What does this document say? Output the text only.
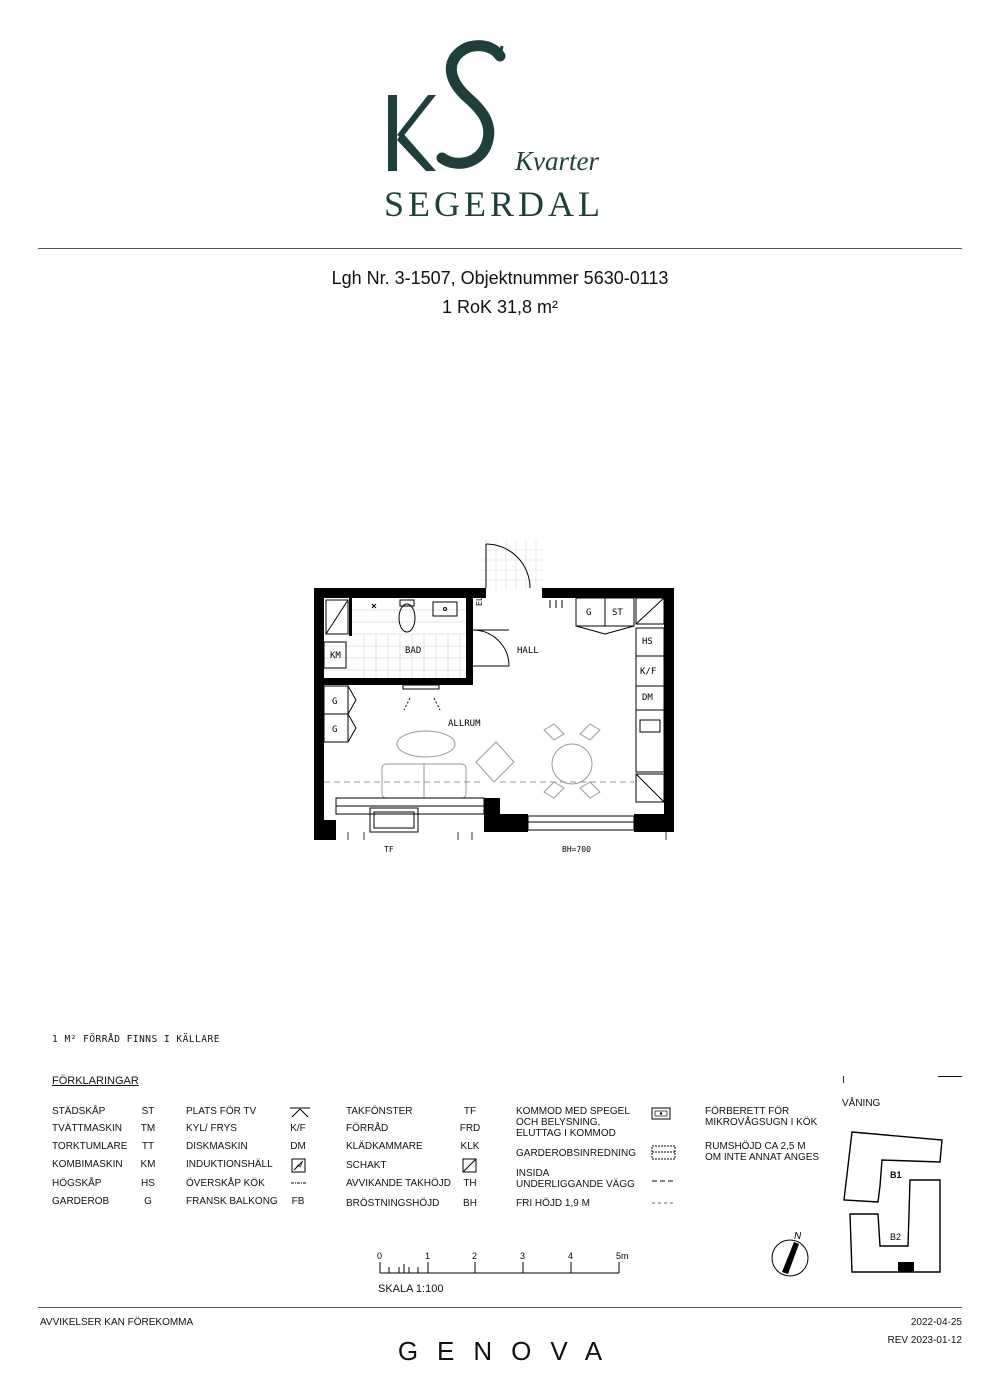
Kvarter
SEGERDAL
Lgh Nr. 3-1507, Objektnummer 5630-0113
1 RoK 31,8 m²
BAD	HALL
ALLRUM
KM
ELC
G ST
HS
K/F
DM
G
G
TF	BH=700
1 M² FÖRRÅD FINNS I KÄLLARE
FÖRKLARINGAR
STÄDSKÅP	ST
TVÄTTMASKIN	TM
TORKTUMLARE	TT
KOMBIMASKIN	KM
HÖGSKÅP	HS
GARDEROB	G
PLATS FÖR TV
KYL/ FRYS	K/F
DISKMASKIN	DM
INDUKTIONSHÄLL
ÖVERSKÅP KÖK
FRANSK BALKONG	FB
TAKFÖNSTER	TF
FÖRRÅD	FRD
KLÄDKAMMARE	KLK
SCHAKT
AVVIKANDE TAKHÖJD	TH
BRÖSTNINGSHÖJD	BH
KOMMOD MED SPEGEL
OCH BELYSNING,
ELUTTAG I KOMMOD
GARDEROBSINREDNING
INSIDA
UNDERLIGGANDE VÄGG
FRI HÖJD 1,9 M
FÖRBERETT FÖR
MIKROVÅGSUGN I KÖK
RUMSHÖJD CA 2,5 M
OM INTE ANNAT ANGES
I
VÅNING
B1
B2
N
0	1	2	3	4	5m
SKALA 1:100
AVVIKELSER KAN FÖREKOMMA	2022-04-25
REV 2023-01-12
GENOVA
